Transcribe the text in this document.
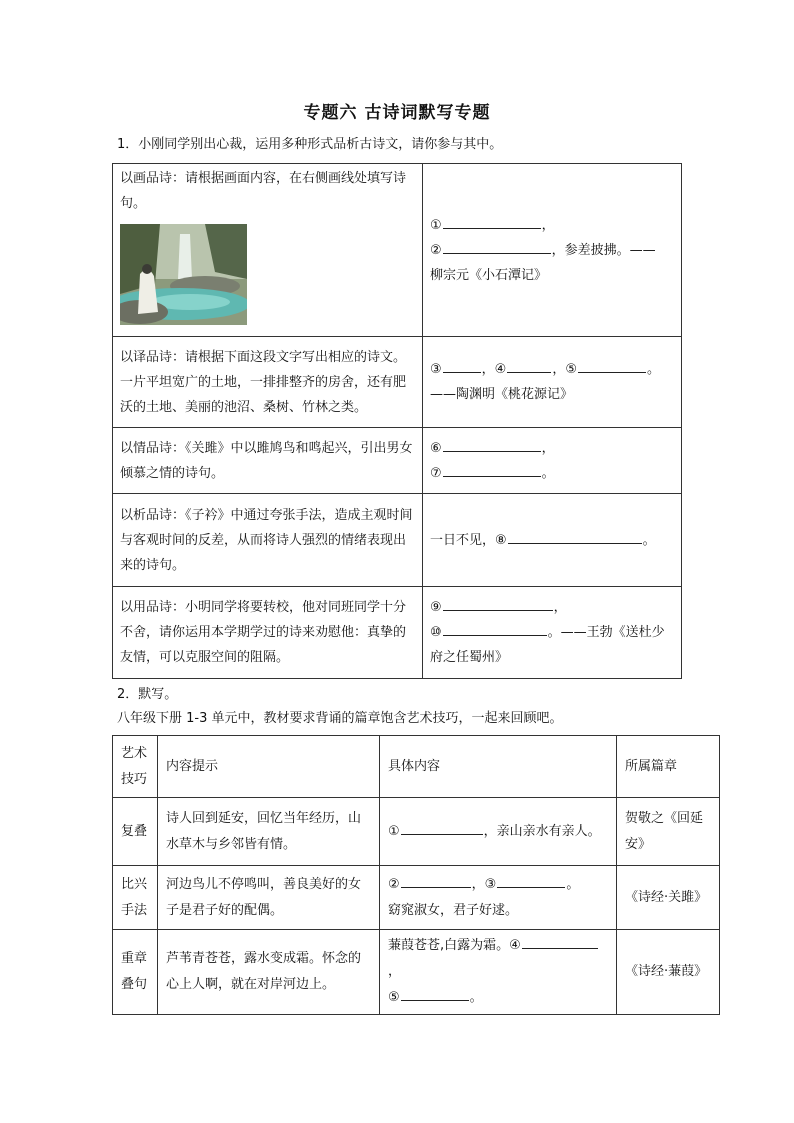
专题六 古诗词默写专题
1．小刚同学别出心裁，运用多种形式品析古诗文，请你参与其中。
以画品诗：请根据画面内容，在右侧画线处填写诗句。	① ，
② ，参差披拂。——
柳宗元《小石潭记》

以译品诗：请根据下面这段文字写出相应的诗文。一片平坦宽广的土地，一排排整齐的房舍，还有肥沃的土地、美丽的池沼、桑树、竹林之类。	③ ，④ ，⑤ 。
——陶渊明《桃花源记》

以情品诗：《关雎》中以雎鸠鸟和鸣起兴，引出男女倾慕之情的诗句。	⑥ ，
⑦ 。

以析品诗：《子衿》中通过夸张手法，造成主观时间与客观时间的反差，从而将诗人强烈的情绪表现出来的诗句。	一日不见，⑧ 。
以用品诗：小明同学将要转校，他对同班同学十分不舍，请你运用本学期学过的诗来劝慰他：真挚的友情，可以克服空间的阻隔。	⑨ ，
⑩ 。——王勃《送杜少
府之任蜀州》
2．默写。
八年级下册 1-3 单元中，教材要求背诵的篇章饱含艺术技巧，一起来回顾吧。
艺术技巧	内容提示	具体内容	所属篇章
复叠	诗人回到延安，回忆当年经历，山水草木与乡邻皆有情。	① ，亲山亲水有亲人。	贺敬之《回延安》
比兴手法	河边鸟儿不停鸣叫，善良美好的女子是君子好的配偶。	② ，③ 。
窈窕淑女，君子好逑。	《诗经·关雎》
重章叠句	芦苇青苍苍，露水变成霜。怀念的心上人啊，就在对岸河边上。	蒹葭苍苍,白露为霜。④，
⑤ 。	《诗经·蒹葭》
